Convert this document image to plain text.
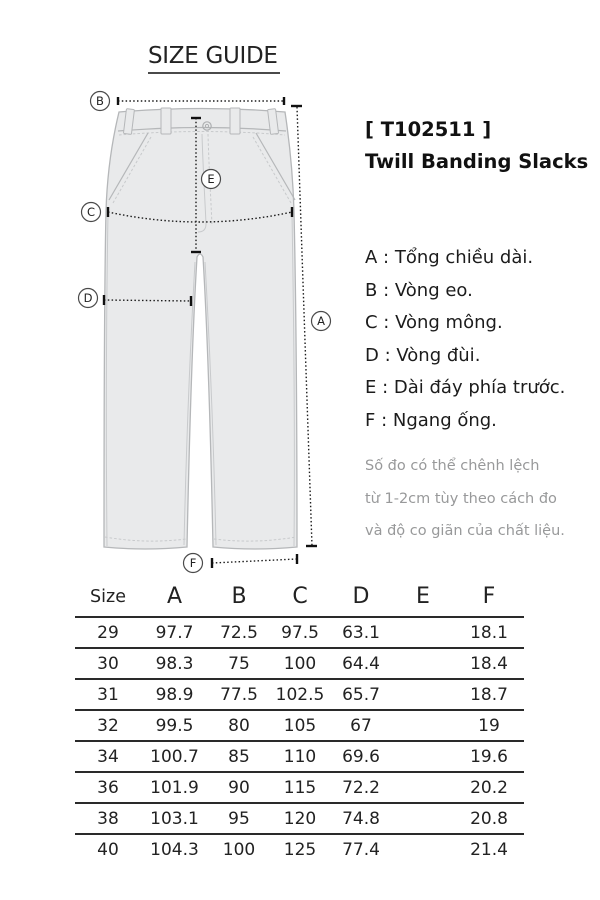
SIZE GUIDE
B
C
D
E
A
F
[ T102511 ]
Twill Banding Slacks
A : Tổng chiều dài.
B : Vòng eo.
C : Vòng mông.
D : Vòng đùi.
E : Dài đáy phía trước.
F : Ngang ống.
Số đo có thể chênh lệch
từ 1-2cm tùy theo cách đo
và độ co giãn của chất liệu.
Size	A	B	C	D	E	F
29	97.7	72.5	97.5	63.1		18.1
30	98.3	75	100	64.4		18.4
31	98.9	77.5	102.5	65.7		18.7
32	99.5	80	105	67		19
34	100.7	85	110	69.6		19.6
36	101.9	90	115	72.2		20.2
38	103.1	95	120	74.8		20.8
40	104.3	100	125	77.4		21.4
